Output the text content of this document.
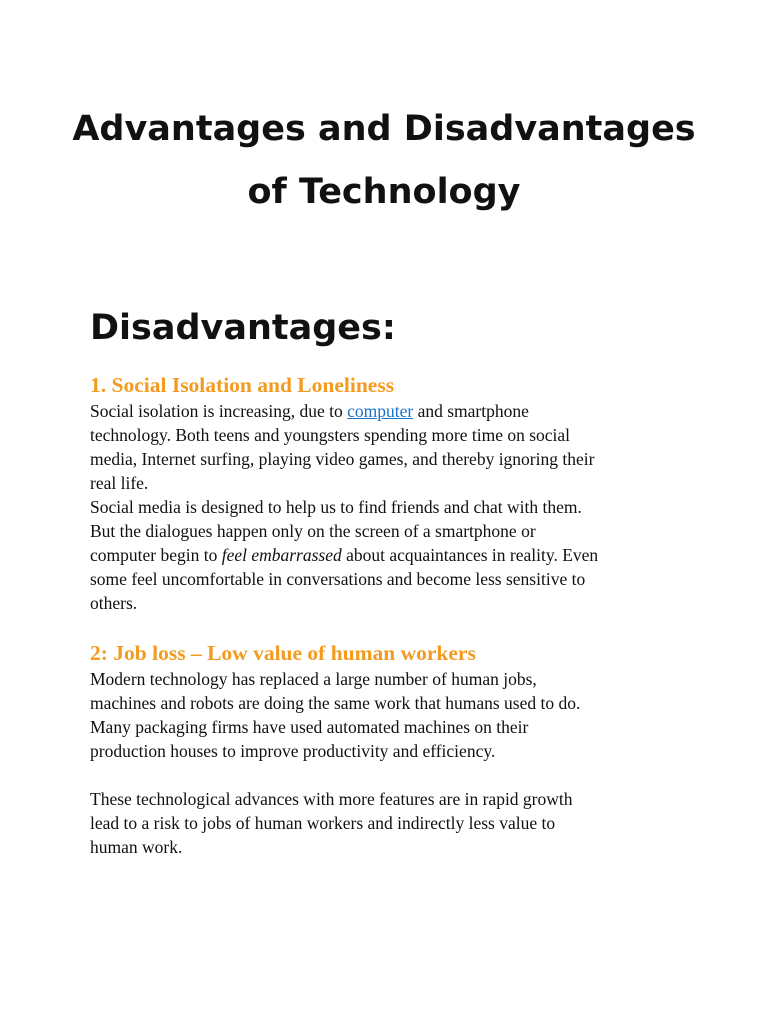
Advantages and Disadvantages
of Technology
Disadvantages:
1. Social Isolation and Loneliness

Social isolation is increasing, due to computer and smartphone

technology. Both teens and youngsters spending more time on social

media, Internet surfing, playing video games, and thereby ignoring their

real life.

Social media is designed to help us to find friends and chat with them.

But the dialogues happen only on the screen of a smartphone or

computer begin to feel embarrassed about acquaintances in reality. Even

some feel uncomfortable in conversations and become less sensitive to

others.

2: Job loss – Low value of human workers

Modern technology has replaced a large number of human jobs,

machines and robots are doing the same work that humans used to do.

Many packaging firms have used automated machines on their

production houses to improve productivity and efficiency.

These technological advances with more features are in rapid growth

lead to a risk to jobs of human workers and indirectly less value to

human work.
